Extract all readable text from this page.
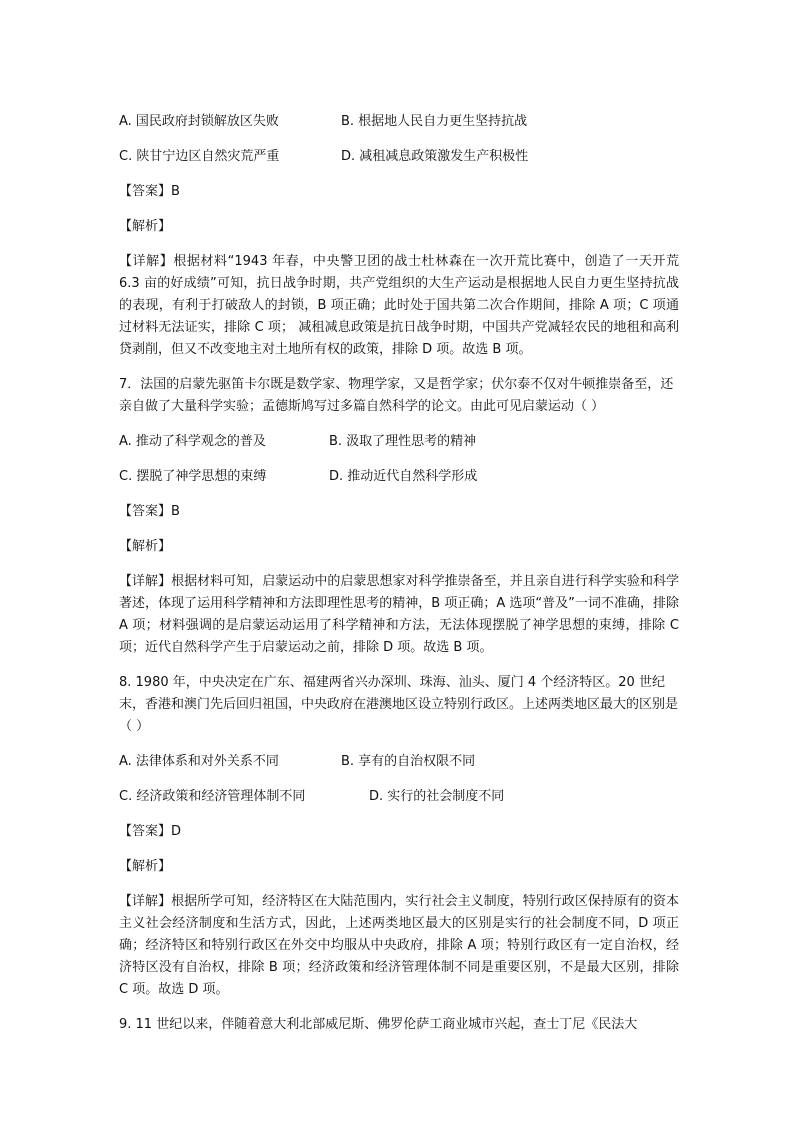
A. 国民政府封锁解放区失败	B. 根据地人民自力更生坚持抗战
C. 陕甘宁边区自然灾荒严重	D. 减租减息政策激发生产积极性
【答案】B
【解析】
【详解】根据材料“1943 年春，中央警卫团的战士杜林森在一次开荒比赛中，创造了一天开荒 6.3 亩的好成绩”可知，抗日战争时期，共产党组织的大生产运动是根据地人民自力更生坚持抗战的表现，有利于打破敌人的封锁，B 项正确；此时处于国共第二次合作期间，排除 A 项；C 项通过材料无法证实，排除 C 项； 减租减息政策是抗日战争时期，中国共产党减轻农民的地租和高利贷剥削，但又不改变地主对土地所有权的政策，排除 D 项。故选 B 项。
7．法国的启蒙先驱笛卡尔既是数学家、物理学家，又是哲学家；伏尔泰不仅对牛顿推崇备至，还亲自做了大量科学实验；孟德斯鸠写过多篇自然科学的论文。由此可见启蒙运动（ ）
A. 推动了科学观念的普及	B. 汲取了理性思考的精神
C. 摆脱了神学思想的束缚	D. 推动近代自然科学形成
【答案】B
【解析】
【详解】根据材料可知，启蒙运动中的启蒙思想家对科学推崇备至，并且亲自进行科学实验和科学著述，体现了运用科学精神和方法即理性思考的精神，B 项正确；A 选项“普及”一词不准确，排除 A 项；材料强调的是启蒙运动运用了科学精神和方法，无法体现摆脱了神学思想的束缚，排除 C 项；近代自然科学产生于启蒙运动之前，排除 D 项。故选 B 项。
8. 1980 年，中央决定在广东、福建两省兴办深圳、珠海、汕头、厦门 4 个经济特区。20 世纪末，香港和澳门先后回归祖国，中央政府在港澳地区设立特别行政区。上述两类地区最大的区别是（ ）
A. 法律体系和对外关系不同	B. 享有的自治权限不同
C. 经济政策和经济管理体制不同	D. 实行的社会制度不同
【答案】D
【解析】
【详解】根据所学可知，经济特区在大陆范围内，实行社会主义制度，特别行政区保持原有的资本主义社会经济制度和生活方式，因此，上述两类地区最大的区别是实行的社会制度不同，D 项正确；经济特区和特别行政区在外交中均服从中央政府，排除 A 项；特别行政区有一定自治权，经济特区没有自治权，排除 B 项；经济政策和经济管理体制不同是重要区别，不是最大区别，排除 C 项。故选 D 项。
9. 11 世纪以来，伴随着意大利北部威尼斯、佛罗伦萨工商业城市兴起，查士丁尼《民法大
